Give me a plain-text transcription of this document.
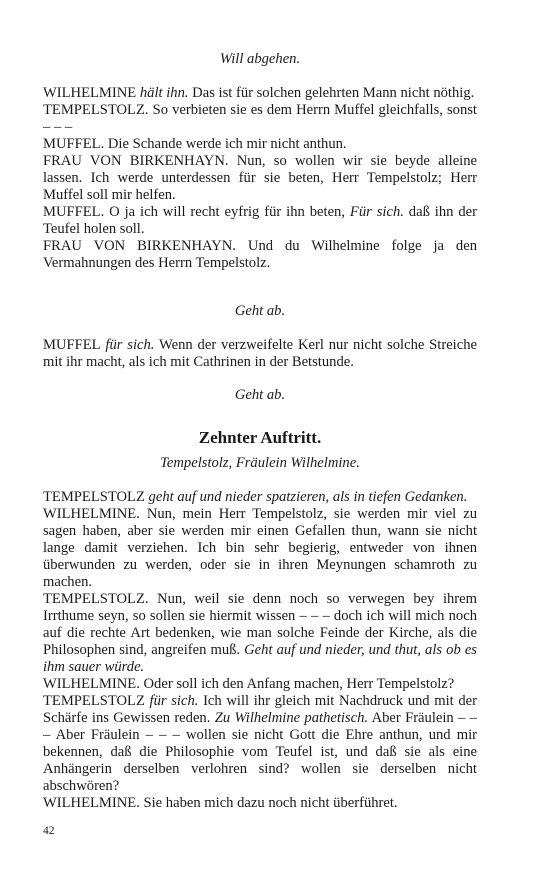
Will abgehen.

WILHELMINE hält ihn. Das ist für solchen gelehrten Mann nicht nöthig.

TEMPELSTOLZ. So verbieten sie es dem Herrn Muffel gleichfalls, sonst – – –

MUFFEL. Die Schande werde ich mir nicht anthun.

FRAU VON BIRKENHAYN. Nun, so wollen wir sie beyde alleine lassen. Ich werde unterdessen für sie beten, Herr Tempelstolz; Herr Muffel soll mir helfen.

MUFFEL. O ja ich will recht eyfrig für ihn beten, Für sich. daß ihn der Teufel holen soll.

FRAU VON BIRKENHAYN. Und du Wilhelmine folge ja den Vermahnungen des Herrn Tempelstolz.

Geht ab.

MUFFEL für sich. Wenn der verzweifelte Kerl nur nicht solche Streiche mit ihr macht, als ich mit Cathrinen in der Betstunde.

Geht ab.
Zehnter Auftritt.
Tempelstolz, Fräulein Wilhelmine.

TEMPELSTOLZ geht auf und nieder spatzieren, als in tiefen Gedanken.

WILHELMINE. Nun, mein Herr Tempelstolz, sie werden mir viel zu sagen haben, aber sie werden mir einen Gefallen thun, wann sie nicht lange damit verziehen. Ich bin sehr begierig, entweder von ihnen überwunden zu werden, oder sie in ihren Meynungen schamroth zu machen.

TEMPELSTOLZ. Nun, weil sie denn noch so verwegen bey ihrem Irrthume seyn, so sollen sie hiermit wissen – – – doch ich will mich noch auf die rechte Art bedenken, wie man solche Feinde der Kirche, als die Philosophen sind, angreifen muß. Geht auf und nieder, und thut, als ob es ihm sauer würde.

WILHELMINE. Oder soll ich den Anfang machen, Herr Tempelstolz?

TEMPELSTOLZ für sich. Ich will ihr gleich mit Nachdruck und mit der Schärfe ins Gewissen reden. Zu Wilhelmine pathetisch. Aber Fräulein – – – Aber Fräulein – – – wollen sie nicht Gott die Ehre anthun, und mir bekennen, daß die Philosophie vom Teufel ist, und daß sie als eine Anhängerin derselben verlohren sind? wollen sie derselben nicht abschwören?

WILHELMINE. Sie haben mich dazu noch nicht überführet.

42
